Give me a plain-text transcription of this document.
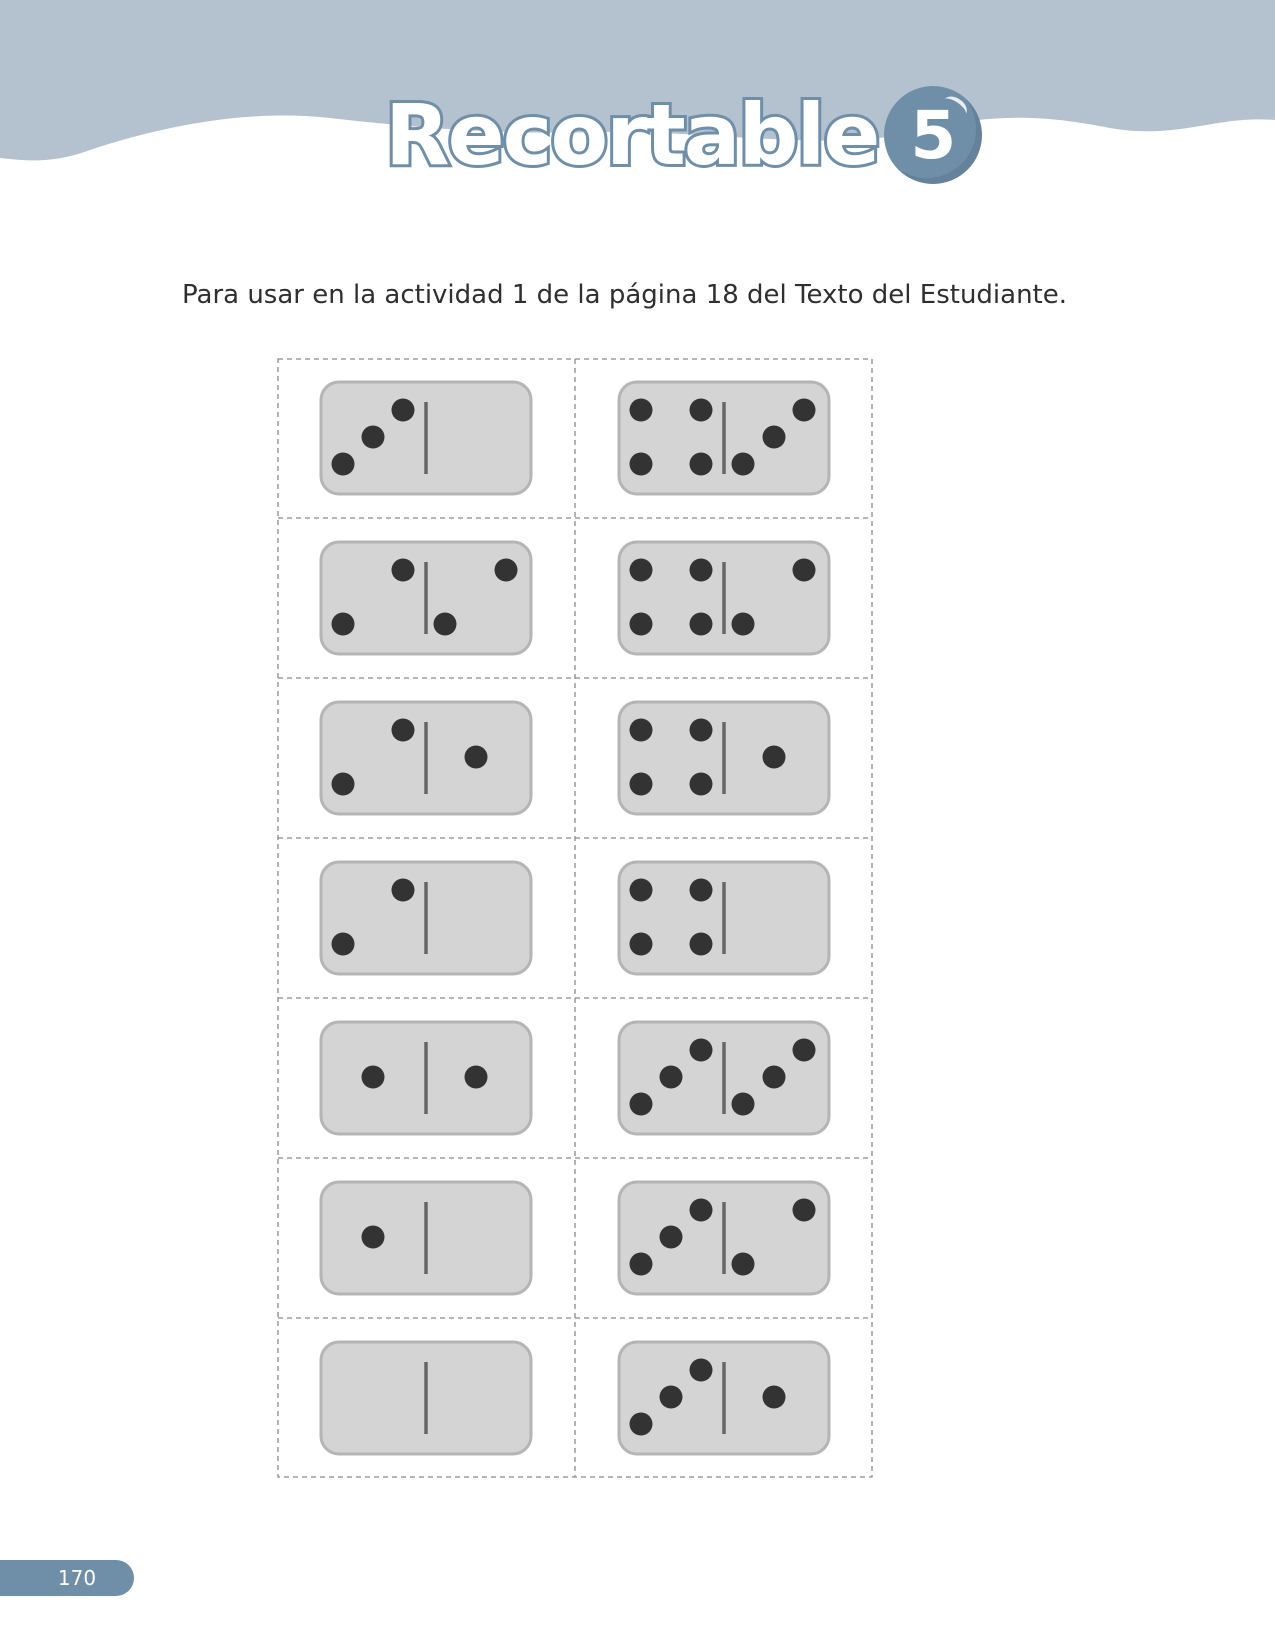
Recortable 5
Para usar en la actividad 1 de la página 18 del Texto del Estudiante.
170
